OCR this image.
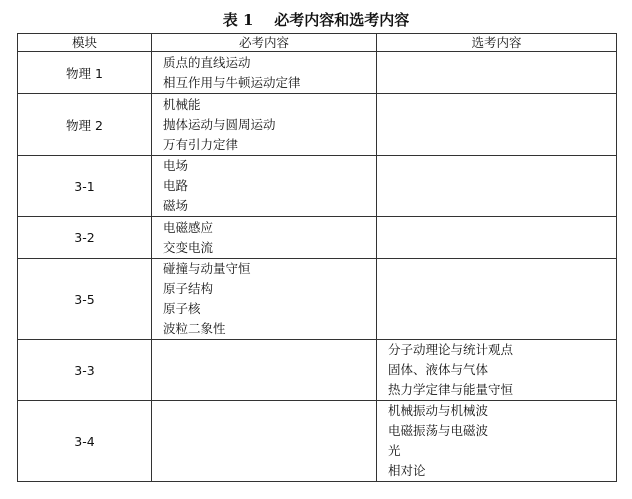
表 1    必考内容和选考内容
模块	必考内容	选考内容
物理 1	质点的直线运动
相互作用与牛顿运动定律	

物理 2	机械能
抛体运动与圆周运动
万有引力定律	

3-1	电场
电路
磁场	

3-2	电磁感应
交变电流	

3-5	碰撞与动量守恒
原子结构
原子核
波粒二象性	

3-3		分子动理论与统计观点
固体、液体与气体
热力学定律与能量守恒

3-4		机械振动与机械波
电磁振荡与电磁波
光
相对论
